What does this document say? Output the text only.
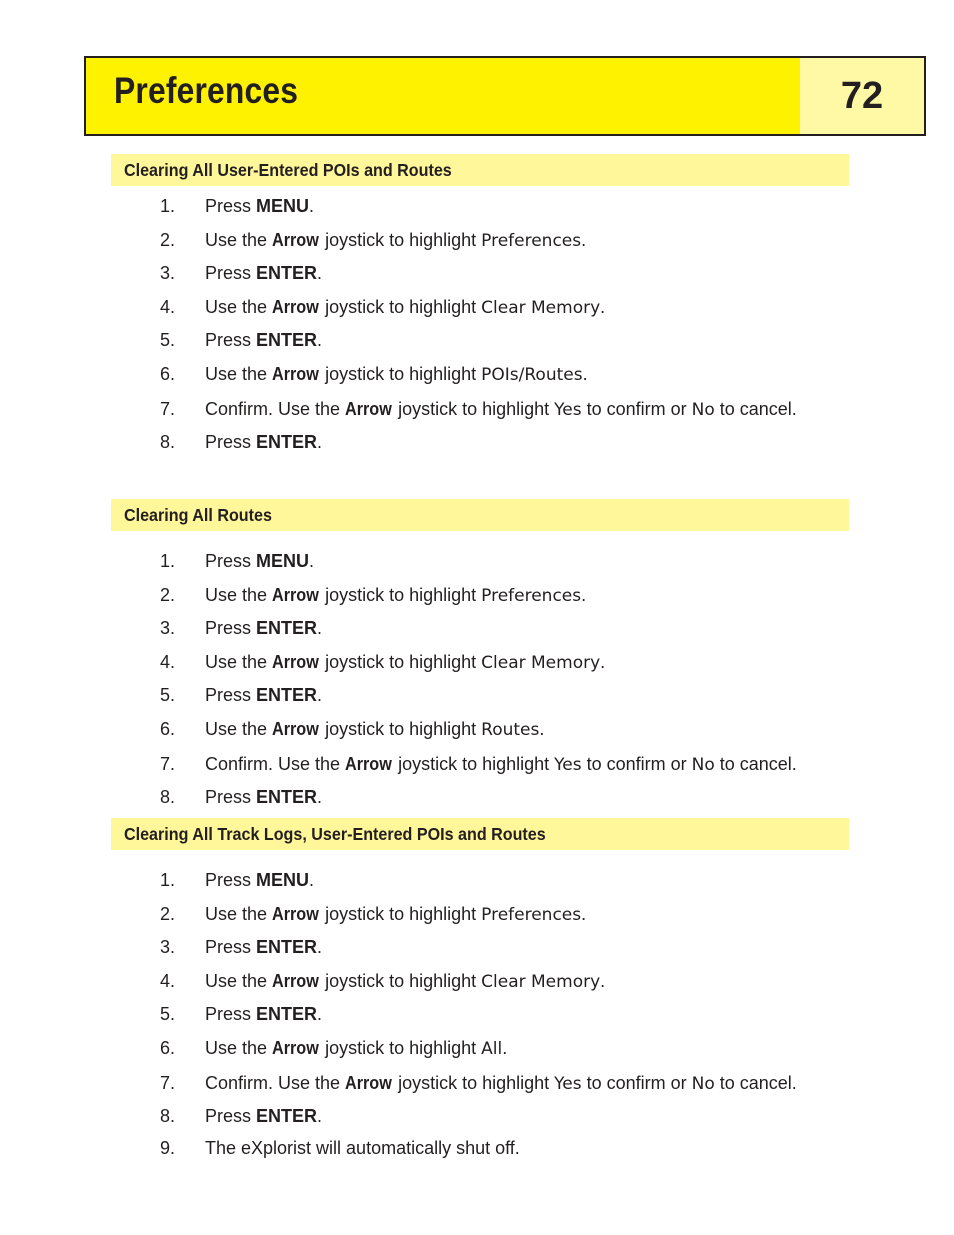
Preferences	72
Clearing All User-Entered POIs and Routes
1. Press MENU.
2. Use the Arrow joystick to highlight Preferences.
3. Press ENTER.
4. Use the Arrow joystick to highlight Clear Memory.
5. Press ENTER.
6. Use the Arrow joystick to highlight POIs/Routes.
7. Confirm. Use the Arrow joystick to highlight Yes to confirm or No to cancel.
8. Press ENTER.
Clearing All Routes
1. Press MENU.
2. Use the Arrow joystick to highlight Preferences.
3. Press ENTER.
4. Use the Arrow joystick to highlight Clear Memory.
5. Press ENTER.
6. Use the Arrow joystick to highlight Routes.
7. Confirm. Use the Arrow joystick to highlight Yes to confirm or No to cancel.
8. Press ENTER.
Clearing All Track Logs, User-Entered POIs and Routes
1. Press MENU.
2. Use the Arrow joystick to highlight Preferences.
3. Press ENTER.
4. Use the Arrow joystick to highlight Clear Memory.
5. Press ENTER.
6. Use the Arrow joystick to highlight All.
7. Confirm. Use the Arrow joystick to highlight Yes to confirm or No to cancel.
8. Press ENTER.
9. The eXplorist will automatically shut off.
